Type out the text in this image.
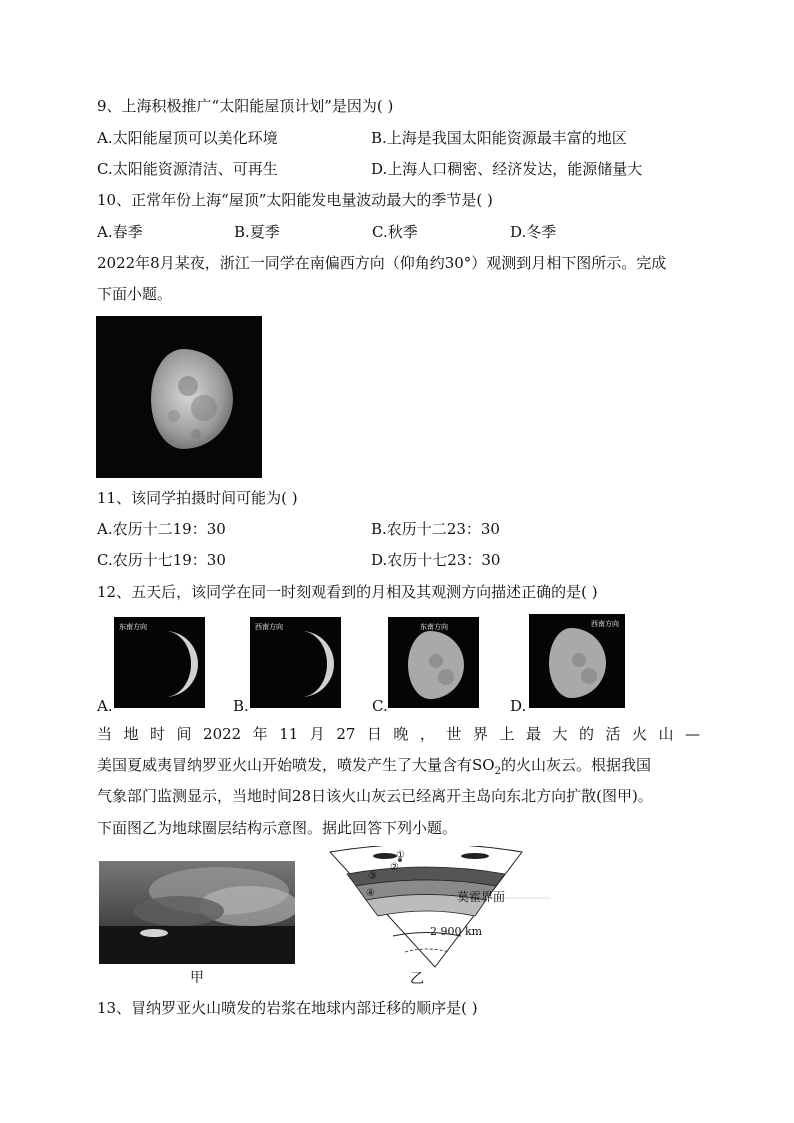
9、上海积极推广“太阳能屋顶计划”是因为( )
A.太阳能屋顶可以美化环境	B.上海是我国太阳能资源最丰富的地区
C.太阳能资源清洁、可再生	D.上海人口稠密、经济发达，能源储量大
10、正常年份上海“屋顶”太阳能发电量波动最大的季节是( )
A.春季	B.夏季	C.秋季	D.冬季
2022年8月某夜，浙江一同学在南偏西方向（仰角约30°）观测到月相下图所示。完成
下面小题。
11、该同学拍摄时间可能为( )
A.农历十二19：30	B.农历十二23：30
C.农历十七19：30	D.农历十七23：30
12、五天后，该同学在同一时刻观看到的月相及其观测方向描述正确的是( )
A.
东南方向
B.
西南方向
C.
东南方向
D.
西南方向
当地时间2022年11月27日晚，世界上最大的活火山—
美国夏威夷冒纳罗亚火山开始喷发，喷发产生了大量含有$SO_2$的火山灰云。根据我国
气象部门监测显示，当地时间28日该火山灰云已经离开主岛向东北方向扩散(图甲)。
下面图乙为地球圈层结构示意图。据此回答下列小题。
甲
①
②
③
④	莫霍界面
2 900 km
乙
13、冒纳罗亚火山喷发的岩浆在地球内部迁移的顺序是( )
